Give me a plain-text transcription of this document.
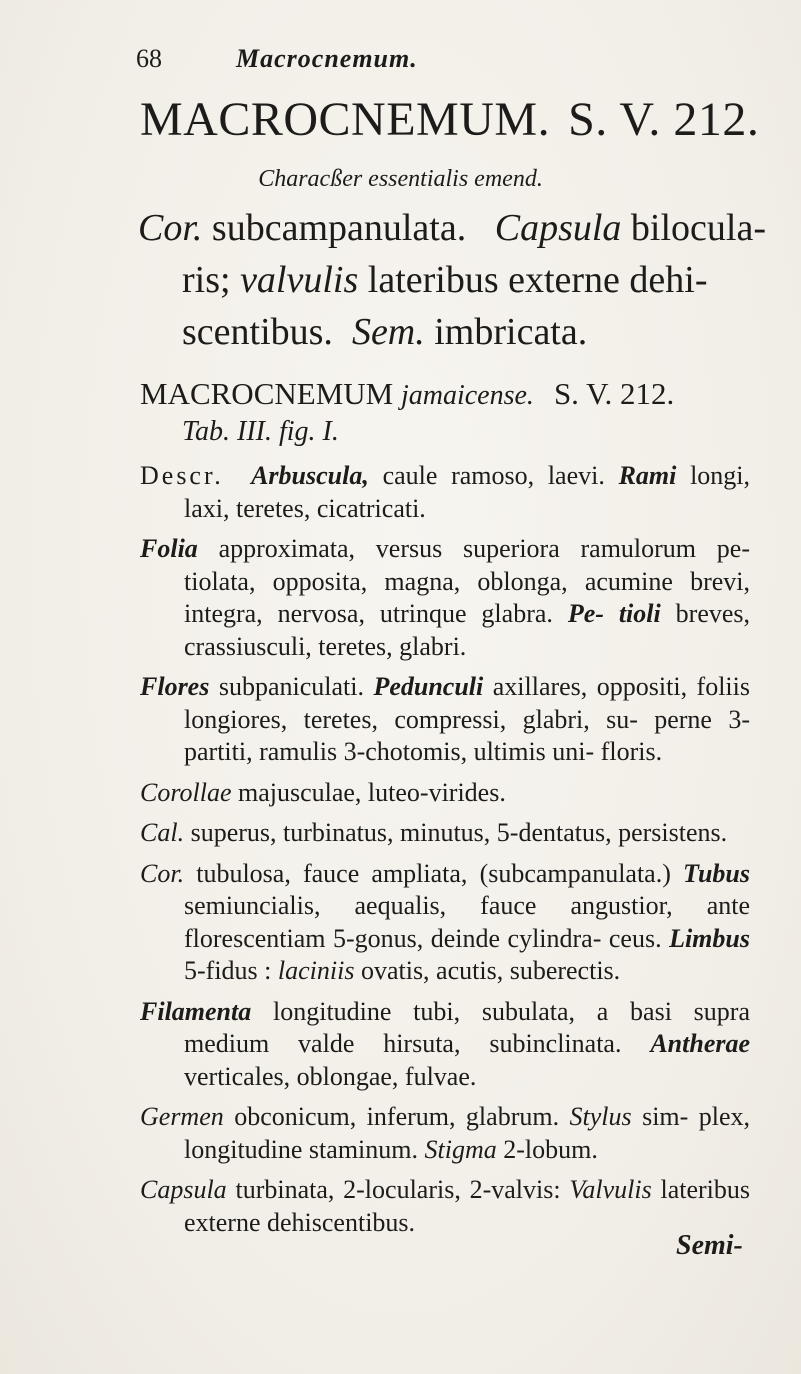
68	Macrocnemum.
MACROCNEMUM. S. V. 212.
Characßer essentialis emend.
Cor. subcampanulata. Capsula bilocula-
ris; valvulis lateribus externe dehi-
scentibus. Sem. imbricata.
MACROCNEMUM jamaicense. S. V. 212.
Tab. III. fig. I.

Descr. Arbuscula, caule ramoso, laevi. Rami longi, laxi, teretes, cicatricati.

Folia approximata, versus superiora ramulorum pe- tiolata, opposita, magna, oblonga, acumine brevi, integra, nervosa, utrinque glabra. Pe- tioli breves, crassiusculi, teretes, glabri.

Flores subpaniculati. Pedunculi axillares, oppositi, foliis longiores, teretes, compressi, glabri, su- perne 3-partiti, ramulis 3-chotomis, ultimis uni- floris.

Corollae majusculae, luteo-virides.

Cal. superus, turbinatus, minutus, 5-dentatus, persistens.

Cor. tubulosa, fauce ampliata, (subcampanulata.) Tubus semiuncialis, aequalis, fauce angustior, ante florescentiam 5-gonus, deinde cylindra- ceus. Limbus 5-fidus : laciniis ovatis, acutis, suberectis.

Filamenta longitudine tubi, subulata, a basi supra medium valde hirsuta, subinclinata. Antherae verticales, oblongae, fulvae.

Germen obconicum, inferum, glabrum. Stylus sim- plex, longitudine staminum. Stigma 2-lobum.

Capsula turbinata, 2-locularis, 2-valvis: Valvulis lateribus externe dehiscentibus.

Semi-
